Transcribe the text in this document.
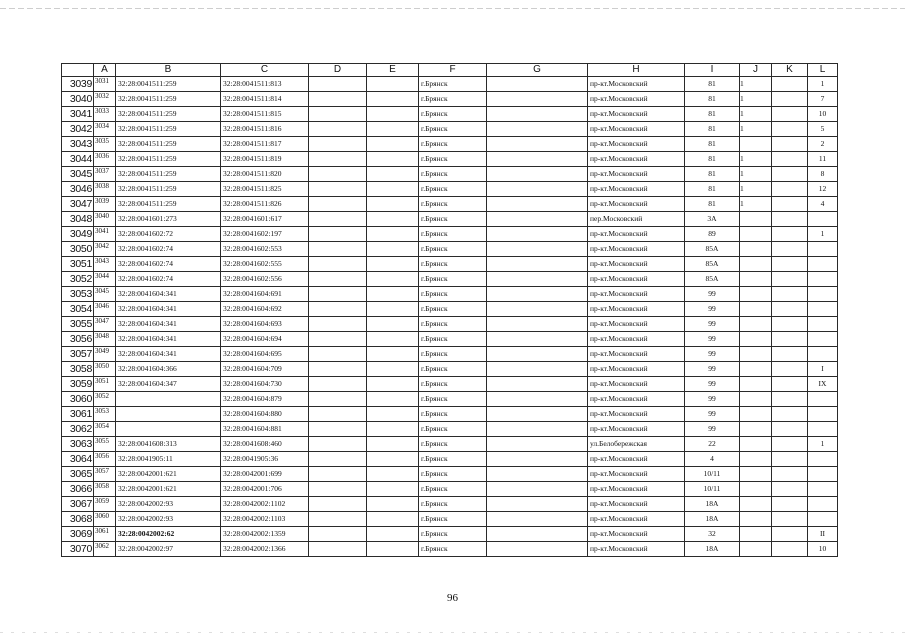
	A	B	C	D	E	F	G	H	I	J	K	L
3039	3031	32:28:0041511:259	32:28:0041511:813			г.Брянск		пр-кт.Московский	81	1		1
3040	3032	32:28:0041511:259	32:28:0041511:814			г.Брянск		пр-кт.Московский	81	1		7
3041	3033	32:28:0041511:259	32:28:0041511:815			г.Брянск		пр-кт.Московский	81	1		10
3042	3034	32:28:0041511:259	32:28:0041511:816			г.Брянск		пр-кт.Московский	81	1		5
3043	3035	32:28:0041511:259	32:28:0041511:817			г.Брянск		пр-кт.Московский	81			2
3044	3036	32:28:0041511:259	32:28:0041511:819			г.Брянск		пр-кт.Московский	81	1		11
3045	3037	32:28:0041511:259	32:28:0041511:820			г.Брянск		пр-кт.Московский	81	1		8
3046	3038	32:28:0041511:259	32:28:0041511:825			г.Брянск		пр-кт.Московский	81	1		12
3047	3039	32:28:0041511:259	32:28:0041511:826			г.Брянск		пр-кт.Московский	81	1		4
3048	3040	32:28:0041601:273	32:28:0041601:617			г.Брянск		пер.Московский	3А			
3049	3041	32:28:0041602:72	32:28:0041602:197			г.Брянск		пр-кт.Московский	89			1
3050	3042	32:28:0041602:74	32:28:0041602:553			г.Брянск		пр-кт.Московский	85А			
3051	3043	32:28:0041602:74	32:28:0041602:555			г.Брянск		пр-кт.Московский	85А			
3052	3044	32:28:0041602:74	32:28:0041602:556			г.Брянск		пр-кт.Московский	85А			
3053	3045	32:28:0041604:341	32:28:0041604:691			г.Брянск		пр-кт.Московский	99			
3054	3046	32:28:0041604:341	32:28:0041604:692			г.Брянск		пр-кт.Московский	99			
3055	3047	32:28:0041604:341	32:28:0041604:693			г.Брянск		пр-кт.Московский	99			
3056	3048	32:28:0041604:341	32:28:0041604:694			г.Брянск		пр-кт.Московский	99			
3057	3049	32:28:0041604:341	32:28:0041604:695			г.Брянск		пр-кт.Московский	99			
3058	3050	32:28:0041604:366	32:28:0041604:709			г.Брянск		пр-кт.Московский	99			I
3059	3051	32:28:0041604:347	32:28:0041604:730			г.Брянск		пр-кт.Московский	99			IX
3060	3052		32:28:0041604:879			г.Брянск		пр-кт.Московский	99			
3061	3053		32:28:0041604:880			г.Брянск		пр-кт.Московский	99			
3062	3054		32:28:0041604:881			г.Брянск		пр-кт.Московский	99			
3063	3055	32:28:0041608:313	32:28:0041608:460			г.Брянск		ул.Белобережская	22			1
3064	3056	32:28:0041905:11	32:28:0041905:36			г.Брянск		пр-кт.Московский	4			
3065	3057	32:28:0042001:621	32:28:0042001:699			г.Брянск		пр-кт.Московский	10/11			
3066	3058	32:28:0042001:621	32:28:0042001:706			г.Брянск		пр-кт.Московский	10/11			
3067	3059	32:28:0042002:93	32:28:0042002:1102			г.Брянск		пр-кт.Московский	18А			
3068	3060	32:28:0042002:93	32:28:0042002:1103			г.Брянск		пр-кт.Московский	18А			
3069	3061	32:28:0042002:62	32:28:0042002:1359			г.Брянск		пр-кт.Московский	32			II
3070	3062	32:28:0042002:97	32:28:0042002:1366			г.Брянск		пр-кт.Московский	18А			10
96
